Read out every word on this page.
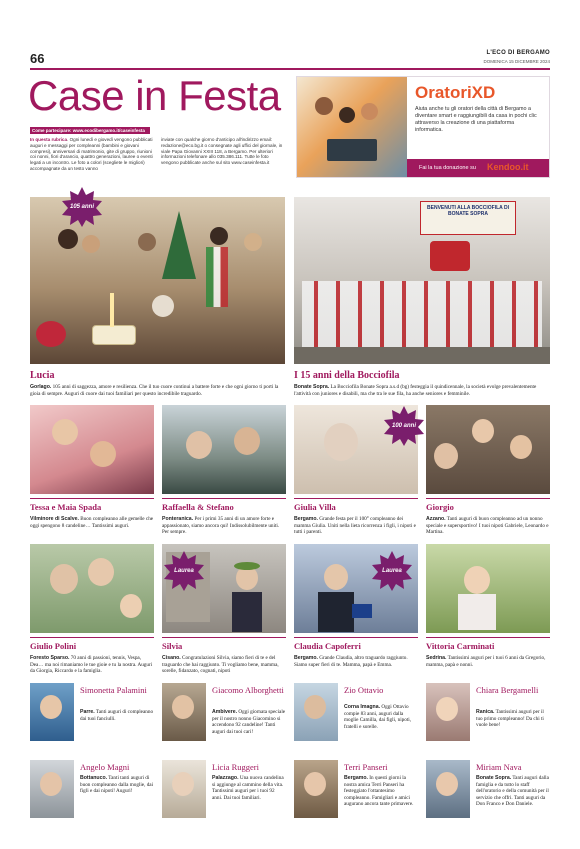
66	L'ECO DI BERGAMO
DOMENICA 15 DICEMBRE 2024
Case in Festa
Come partecipare: www.ecodibergamo.it/caseinfesta
In questa rubrica. Ogni lunedì e giovedì vengono pubblicati auguri e messaggi per compleanni (bambini e giovani compresi), anniversari di matrimonio, gite di gruppo, riunioni coi nonni, fiori d'arancio, quattro generazioni, lauree o eventi legati a un incontro. Le foto a colori (scegliete le migliori) accompagnate da un testo vanno
inviate con qualche giorno d'anticipo all'indirizzo email: redazione@eco.bg.it o consegnate agli uffici del giornale, in viale Papa Giovanni XXIII 118, a Bergamo. Per ulteriori informazioni telefonare allo 035.386.111. Tutte le foto vengono pubblicate anche sul sito www.caseinfesta.it
OratoriXD
Aiuta anche tu gli oratori della città di Bergamo a diventare smart e raggiungibili da casa in pochi clic attraverso la creazione di una piattaforma informatica.
Fai la tua donazione su Kendoo.it
105 anni
Lucia
Gorlago. 105 anni di saggezza, amore e resilienza. Che il tuo cuore continui a battere forte e che ogni giorno ti porti la gioia di sempre. Auguri di cuore dai tuoi familiari per questo incredibile traguardo.
BENVENUTI ALLA BOCCIOFILA DI BONATE SOPRA
I 15 anni della Bocciofila
Bonate Sopra. La Bocciofila Bonate Sopra a.s.d (bg) festeggia il quindicennale, la società evolge prevalentemente l'attività con juniores e disabili, ma che tra le sue fila, ha anche seniores e femminile.
Tessa e Maia Spada
Vilminore di Scalve. Buon compleanno alle gemelle che oggi spengono 8 candeline… Tantissimi auguri.
Raffaella & Stefano
Ponteranica. Per i primi 35 anni di un amore forte e appassionato, siamo ancora qui! Indissolubilmente uniti. Per sempre.
100 anni
Giulia Villa
Bergamo. Grande festa per il 100° compleanno dei mamma Giulia. Uniti nella lieta ricorrenza i figli, i nipoti e tutti i parenti.
Giorgio
Azzano. Tanti auguri di buon compleanno ad un nonno speciale e supersportivo! I tuoi nipoti Gabriele, Leonardo e Martina.
Giulio Polini
Foresto Sparso. 70 anni di passioni, tennis, Vespa, Dea… ma noi rimaniamo le tue gioie e tu la nostra. Auguri da Giorgia, Riccardo e la famiglia.
Laurea
Silvia
Cisano. Congratulazioni Silvia, siamo fieri di te e del traguardo che hai raggiunto. Ti vogliamo bene, mamma, sorelle, fidanzato, cognati, nipoti
Laurea
Claudia Capoferri
Bergamo. Grande Claudia, altro traguardo raggiunto. Siamo super fieri di te. Mamma, papà e Emma.
Vittoria Carminati
Sedrina. Tantissimi auguri per i tuoi 6 anni da Gregorio, mamma, papà e nonni.
Simonetta Palamini
Parre. Tanti auguri di compleanno dai tuoi fanciulli.
Giacomo Alborghetti
Ambivere. Oggi giornata speciale per il nostro nonno Giacomino si accendono 92 candeline! Tanti auguri dai tuoi cari!
Zio Ottavio
Corna Imagna. Oggi Ottavio compie 83 anni, auguri dalla moglie Camilla, dai figli, nipoti, fratelli e sorelle.
Chiara Bergamelli
Ranica. Tantissimi auguri per il tuo primo compleanno! Da chi ti vuole bene!
Angelo Magni
Bottanuco. Tanti tanti auguri di buon compleanno dalla moglie, dai figli e dai nipoti! Auguri!
Licia Ruggeri
Palazzago. Una nuova candelina si aggiunge al cammino della vita. Tantissimi auguri per i tuoi 92 anni. Dai tuoi familiari.
Terri Panseri
Bergamo. In questi giorni la nostra amica Terri Panseri ha festeggiato l'ottantesimo compleanno. Famigliari e amici augurano ancora tante primavere.
Miriam Nava
Bonate Sopra. Tanti auguri dalla famiglia e da tutto lo staff dell'oratorio e della comunità per il servizio che offri. Tanti auguri da Don Franco e Don Daniele.
